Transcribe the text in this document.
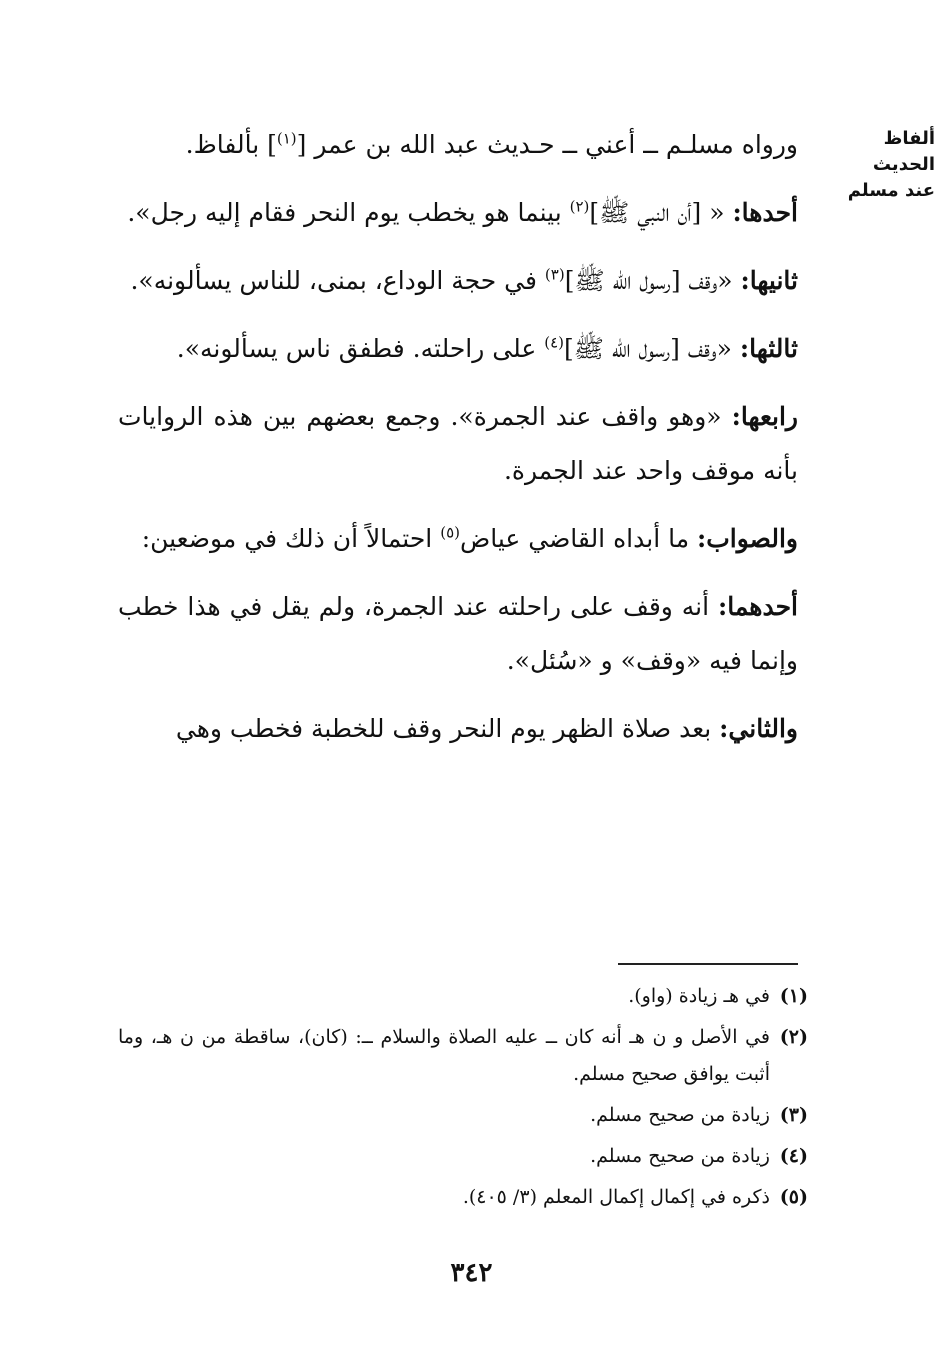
ألفاظ الحديث
عند مسلم

ورواه مسلـم ــ أعني ــ حـديث عبد الله بن عمر [$^{(١)}$] بألفاظ.

أحدها: « [أن النبي ﷺ]$^{(٢)}$ بينما هو يخطب يوم النحر فقام إليه رجل».

ثانيها: «وقف [رسول الله ﷺ]$^{(٣)}$ في حجة الوداع، بمنى، للناس يسألونه».

ثالثها: «وقف [رسول الله ﷺ]$^{(٤)}$ على راحلته. فطفق ناس يسألونه».

رابعها: «وهو واقف عند الجمرة». وجمع بعضهم بين هذه الروايات بأنه موقف واحد عند الجمرة.

والصواب: ما أبداه القاضي عياض$^{(٥)}$ احتمالاً أن ذلك في موضعين:

أحدهما: أنه وقف على راحلته عند الجمرة، ولم يقل في هذا خطب وإنما فيه «وقف» و «سُئل».

والثاني: بعد صلاة الظهر يوم النحر وقف للخطبة فخطب وهي

(١)
في هـ زيادة (واو).
(٢)
في الأصل و ن هـ أنه كان ــ عليه الصلاة والسلام ــ: (كان)، ساقطة من ن هـ، وما أثبت يوافق صحيح مسلم.
(٣)
زيادة من صحيح مسلم.
(٤)
زيادة من صحيح مسلم.
(٥)
ذكره في إكمال إكمال المعلم (٣/ ٤٠٥).
٣٤٢
